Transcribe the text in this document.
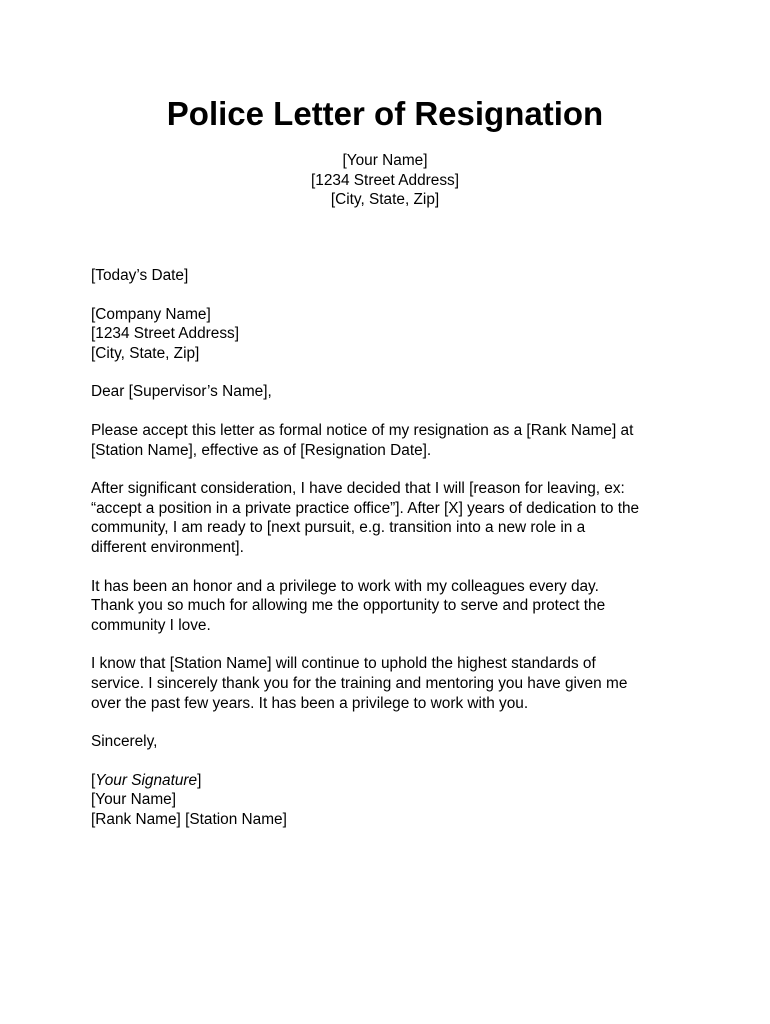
Police Letter of Resignation
[Your Name]
[1234 Street Address]
[City, State, Zip]
[Today’s Date]
[Company Name]
[1234 Street Address]
[City, State, Zip]
Dear [Supervisor’s Name],
Please accept this letter as formal notice of my resignation as a [Rank Name] at
[Station Name], effective as of [Resignation Date].
After significant consideration, I have decided that I will [reason for leaving, ex:
“accept a position in a private practice office”]. After [X] years of dedication to the
community, I am ready to [next pursuit, e.g. transition into a new role in a
different environment].
It has been an honor and a privilege to work with my colleagues every day.
Thank you so much for allowing me the opportunity to serve and protect the
community I love.
I know that [Station Name] will continue to uphold the highest standards of
service. I sincerely thank you for the training and mentoring you have given me
over the past few years. It has been a privilege to work with you.
Sincerely,
[Your Signature]
[Your Name]
[Rank Name] [Station Name]
